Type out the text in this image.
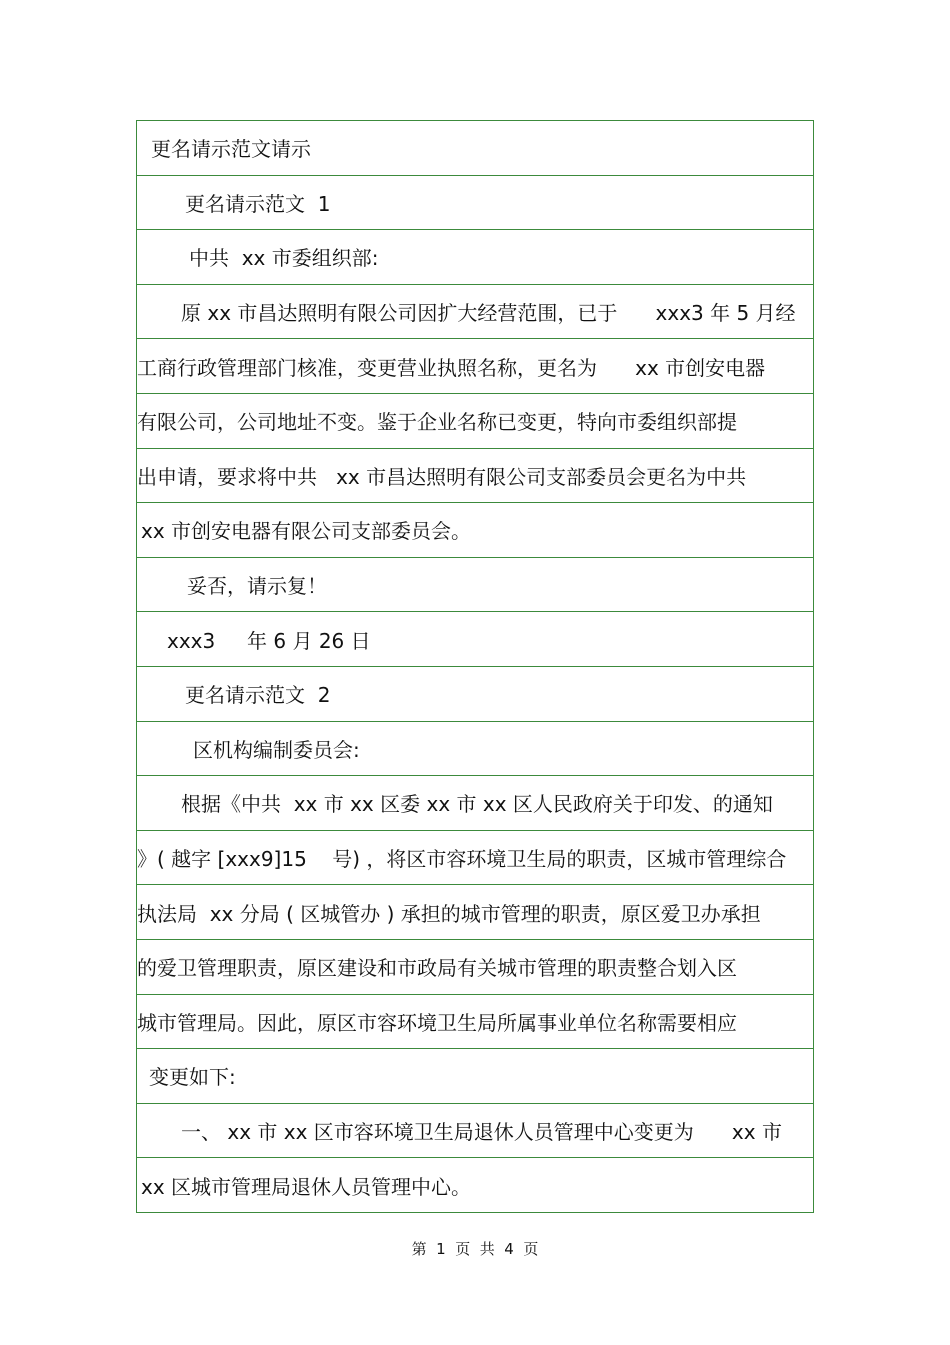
更名请示范文请示
更名请示范文  1
中共  xx 市委组织部:
原 xx 市昌达照明有限公司因扩大经营范围，已于      xxx3 年 5 月经
工商行政管理部门核准，变更营业执照名称，更名为      xx 市创安电器
有限公司，公司地址不变。鉴于企业名称已变更，特向市委组织部提
出申请，要求将中共   xx 市昌达照明有限公司支部委员会更名为中共
xx 市创安电器有限公司支部委员会。
妥否，请示复！
xxx3     年 6 月 26 日
更名请示范文  2
区机构编制委员会:
根据《中共  xx 市 xx 区委 xx 市 xx 区人民政府关于印发、的通知
》( 越字 [xxx9]15    号) ，将区市容环境卫生局的职责，区城市管理综合
执法局  xx 分局 ( 区城管办 ) 承担的城市管理的职责，原区爱卫办承担
的爱卫管理职责，原区建设和市政局有关城市管理的职责整合划入区
城市管理局。因此，原区市容环境卫生局所属事业单位名称需要相应
变更如下:
一、 xx 市 xx 区市容环境卫生局退休人员管理中心变更为      xx 市
xx 区城市管理局退休人员管理中心。
第  1  页  共  4  页
